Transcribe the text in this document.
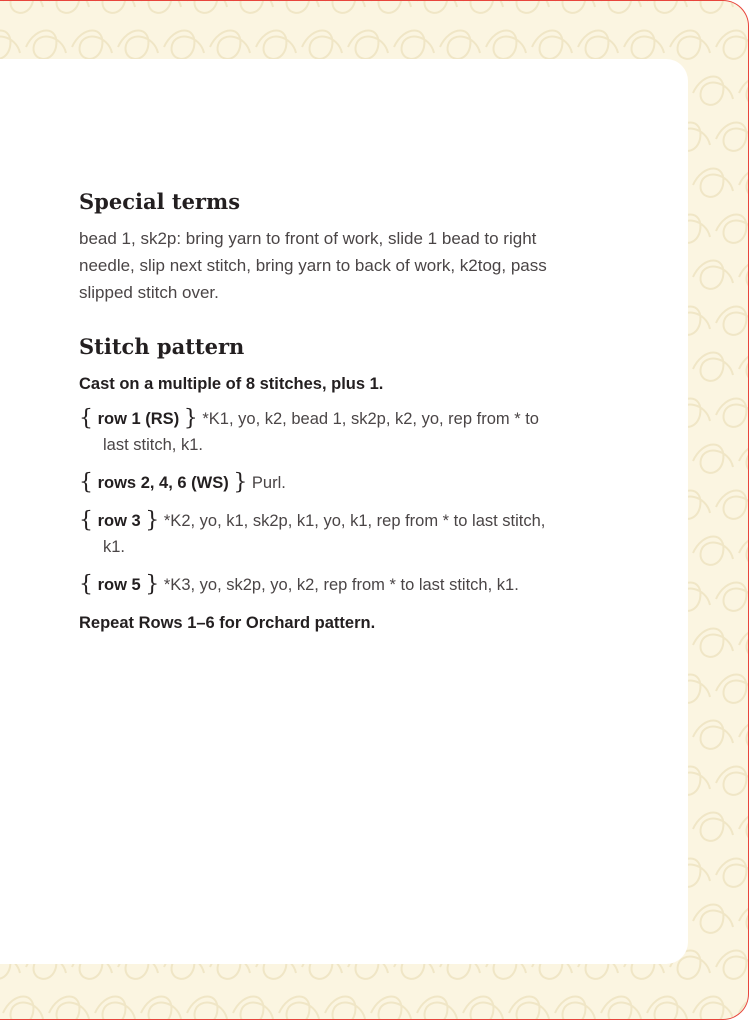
Special terms

bead 1, sk2p: bring yarn to front of work, slide 1 bead to right needle, slip next stitch, bring yarn to back of work, k2tog, pass slipped stitch over.

Stitch pattern

Cast on a multiple of 8 stitches, plus 1.

{ row 1 (RS) } *K1, yo, k2, bead 1, sk2p, k2, yo, rep from * to last stitch, k1.

{ rows 2, 4, 6 (WS) } Purl.

{ row 3 } *K2, yo, k1, sk2p, k1, yo, k1, rep from * to last stitch, k1.

{ row 5 } *K3, yo, sk2p, yo, k2, rep from * to last stitch, k1.

Repeat Rows 1–6 for Orchard pattern.
